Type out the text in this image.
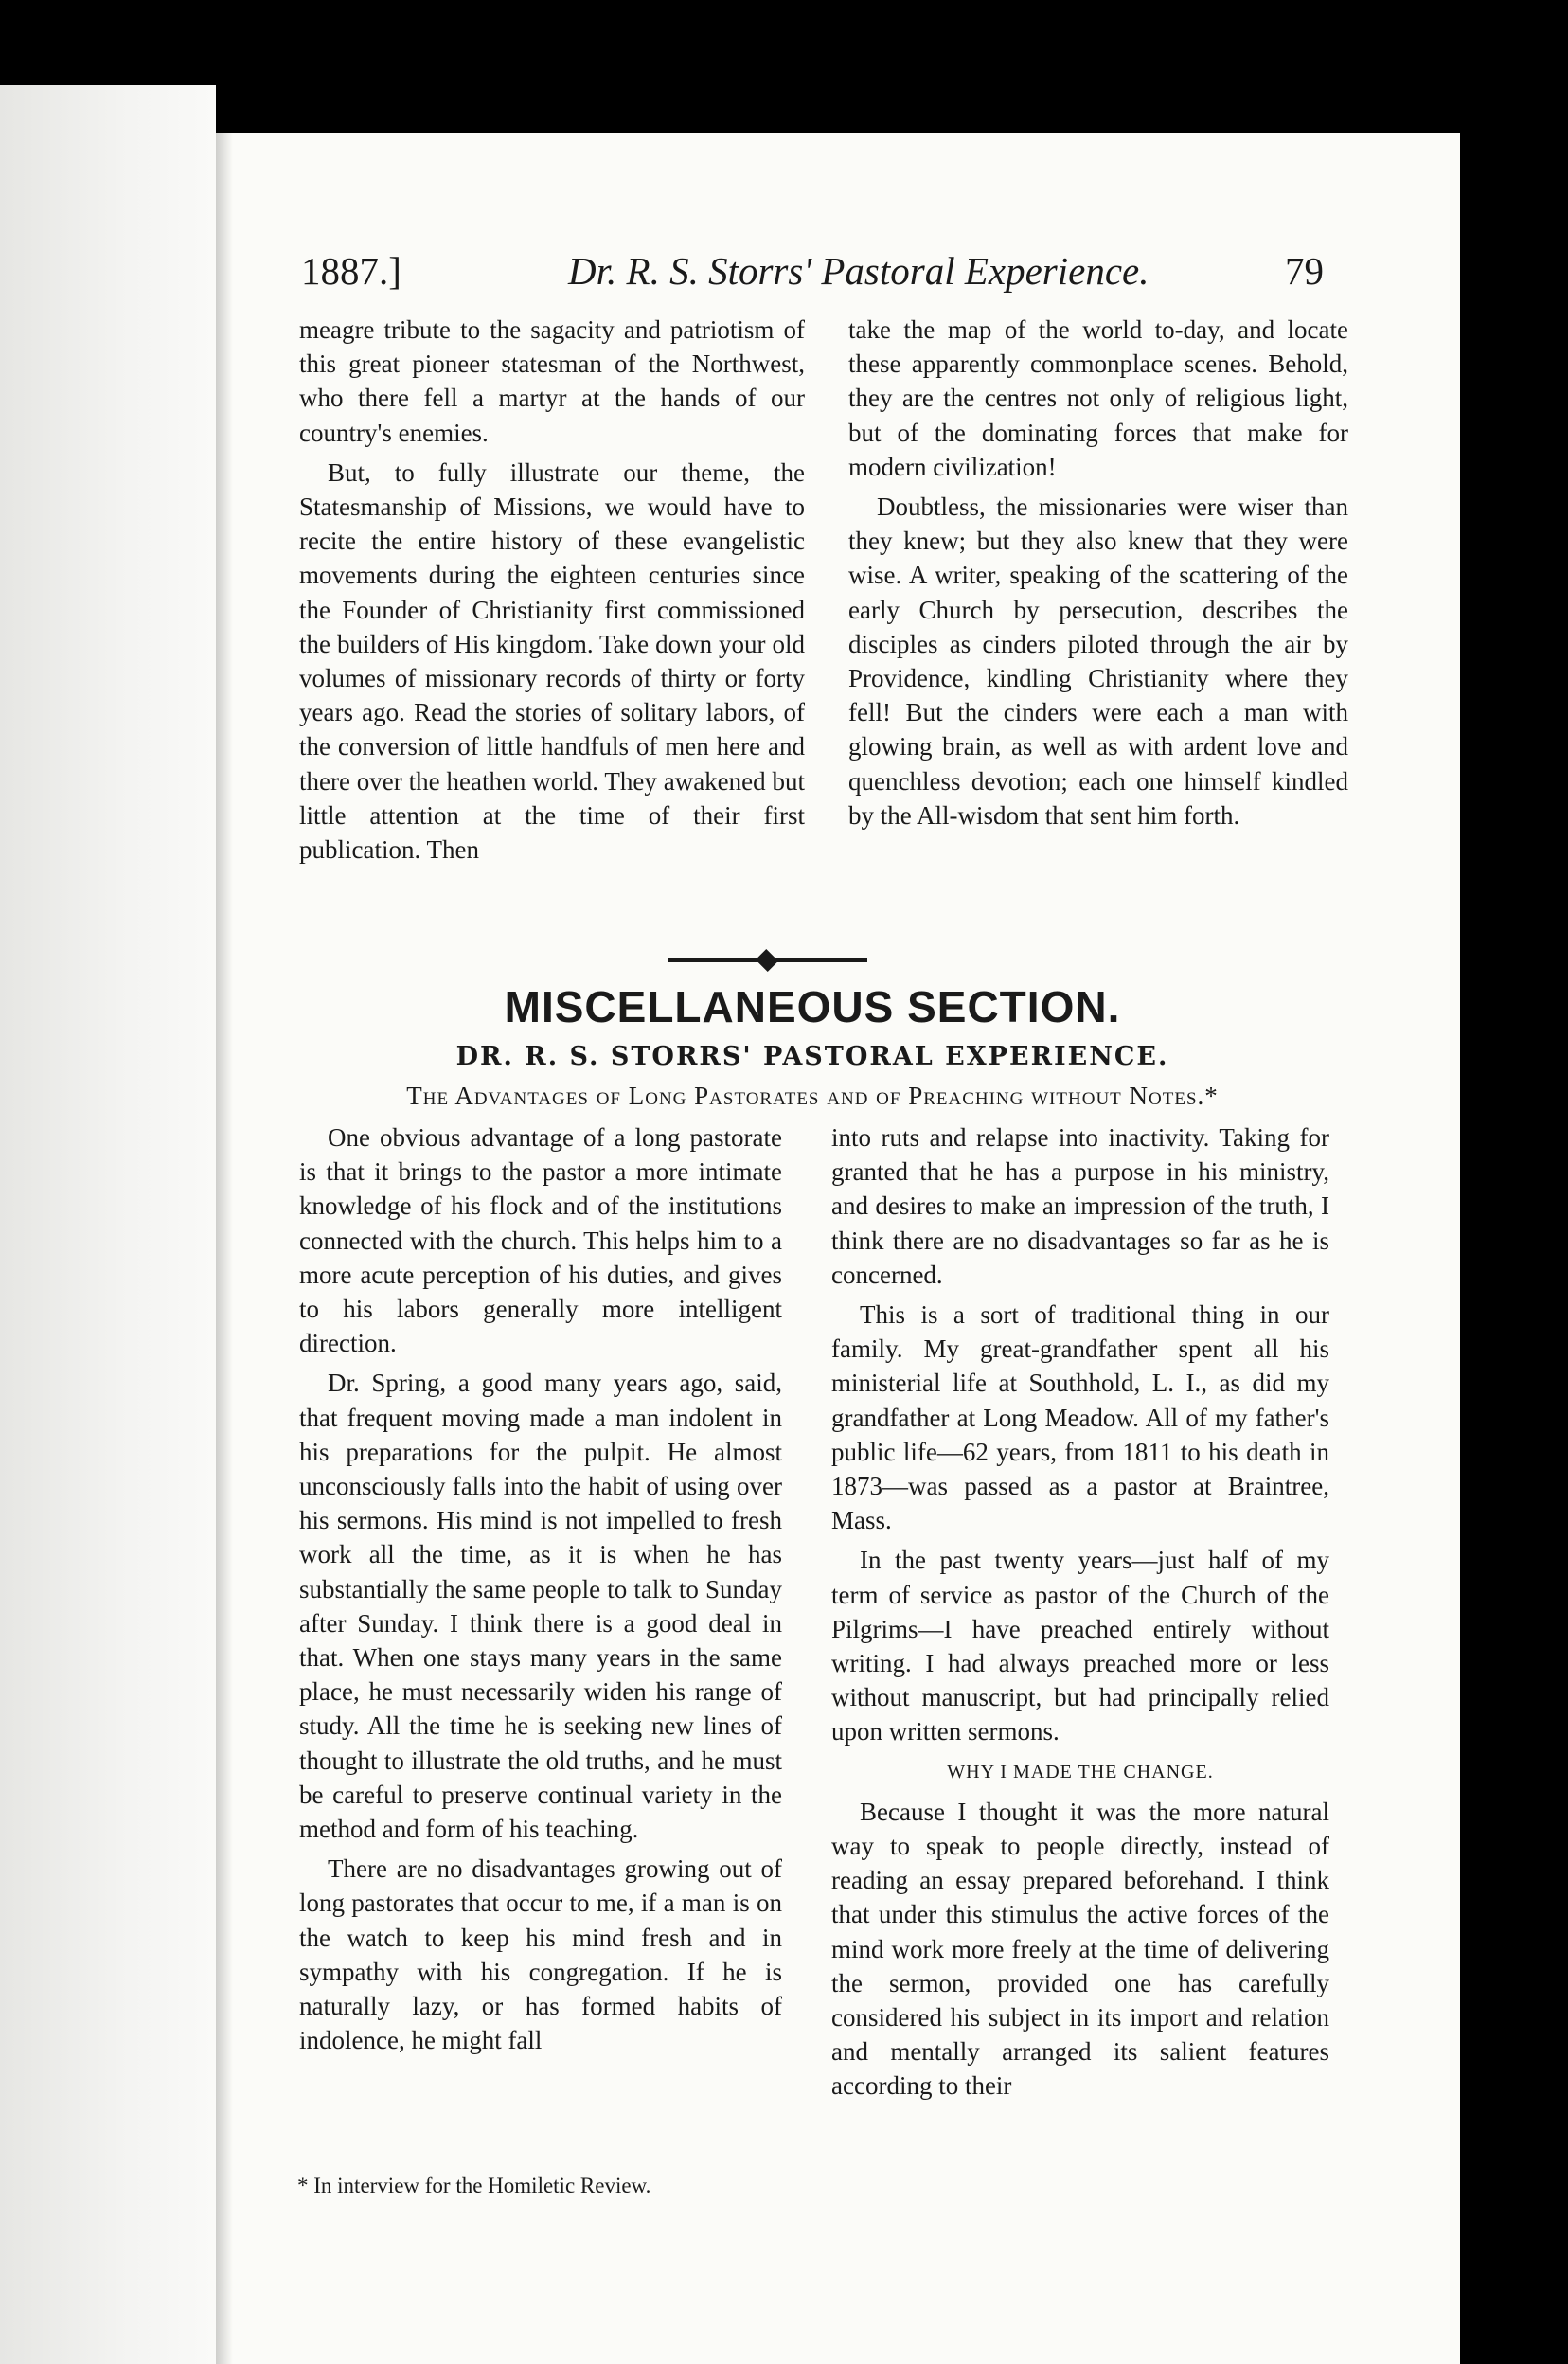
1887.]	Dr. R. S. Storrs' Pastoral Experience.	79

meagre tribute to the sagacity and patriotism of this great pioneer statesman of the Northwest, who there fell a martyr at the hands of our country's enemies.

But, to fully illustrate our theme, the Statesmanship of Missions, we would have to recite the entire history of these evangelistic movements during the eighteen centuries since the Founder of Christianity first commissioned the builders of His kingdom. Take down your old volumes of missionary records of thirty or forty years ago. Read the stories of solitary labors, of the conversion of little handfuls of men here and there over the heathen world. They awakened but little attention at the time of their first publication. Then

take the map of the world to-day, and locate these apparently commonplace scenes. Behold, they are the centres not only of religious light, but of the dominating forces that make for modern civilization!

Doubtless, the missionaries were wiser than they knew; but they also knew that they were wise. A writer, speaking of the scattering of the early Church by persecution, describes the disciples as cinders piloted through the air by Providence, kindling Christianity where they fell! But the cinders were each a man with glowing brain, as well as with ardent love and quenchless devotion; each one himself kindled by the All-wisdom that sent him forth.

MISCELLANEOUS SECTION.
DR. R. S. STORRS' PASTORAL EXPERIENCE.
The Advantages of Long Pastorates and of Preaching without Notes.*

One obvious advantage of a long pastorate is that it brings to the pastor a more intimate knowledge of his flock and of the institutions connected with the church. This helps him to a more acute perception of his duties, and gives to his labors generally more intelligent direction.

Dr. Spring, a good many years ago, said, that frequent moving made a man indolent in his preparations for the pulpit. He almost unconsciously falls into the habit of using over his sermons. His mind is not impelled to fresh work all the time, as it is when he has substantially the same people to talk to Sunday after Sunday. I think there is a good deal in that. When one stays many years in the same place, he must necessarily widen his range of study. All the time he is seeking new lines of thought to illustrate the old truths, and he must be careful to preserve continual variety in the method and form of his teaching.

There are no disadvantages growing out of long pastorates that occur to me, if a man is on the watch to keep his mind fresh and in sympathy with his congregation. If he is naturally lazy, or has formed habits of indolence, he might fall

into ruts and relapse into inactivity. Taking for granted that he has a purpose in his ministry, and desires to make an impression of the truth, I think there are no disadvantages so far as he is concerned.

This is a sort of traditional thing in our family. My great-grandfather spent all his ministerial life at Southhold, L. I., as did my grandfather at Long Meadow. All of my father's public life—62 years, from 1811 to his death in 1873—was passed as a pastor at Braintree, Mass.

In the past twenty years—just half of my term of service as pastor of the Church of the Pilgrims—I have preached entirely without writing. I had always preached more or less without manuscript, but had principally relied upon written sermons.

WHY I MADE THE CHANGE.

Because I thought it was the more natural way to speak to people directly, instead of reading an essay prepared beforehand. I think that under this stimulus the active forces of the mind work more freely at the time of delivering the sermon, provided one has carefully considered his subject in its import and relation and mentally arranged its salient features according to their

* In interview for the Homiletic Review.
